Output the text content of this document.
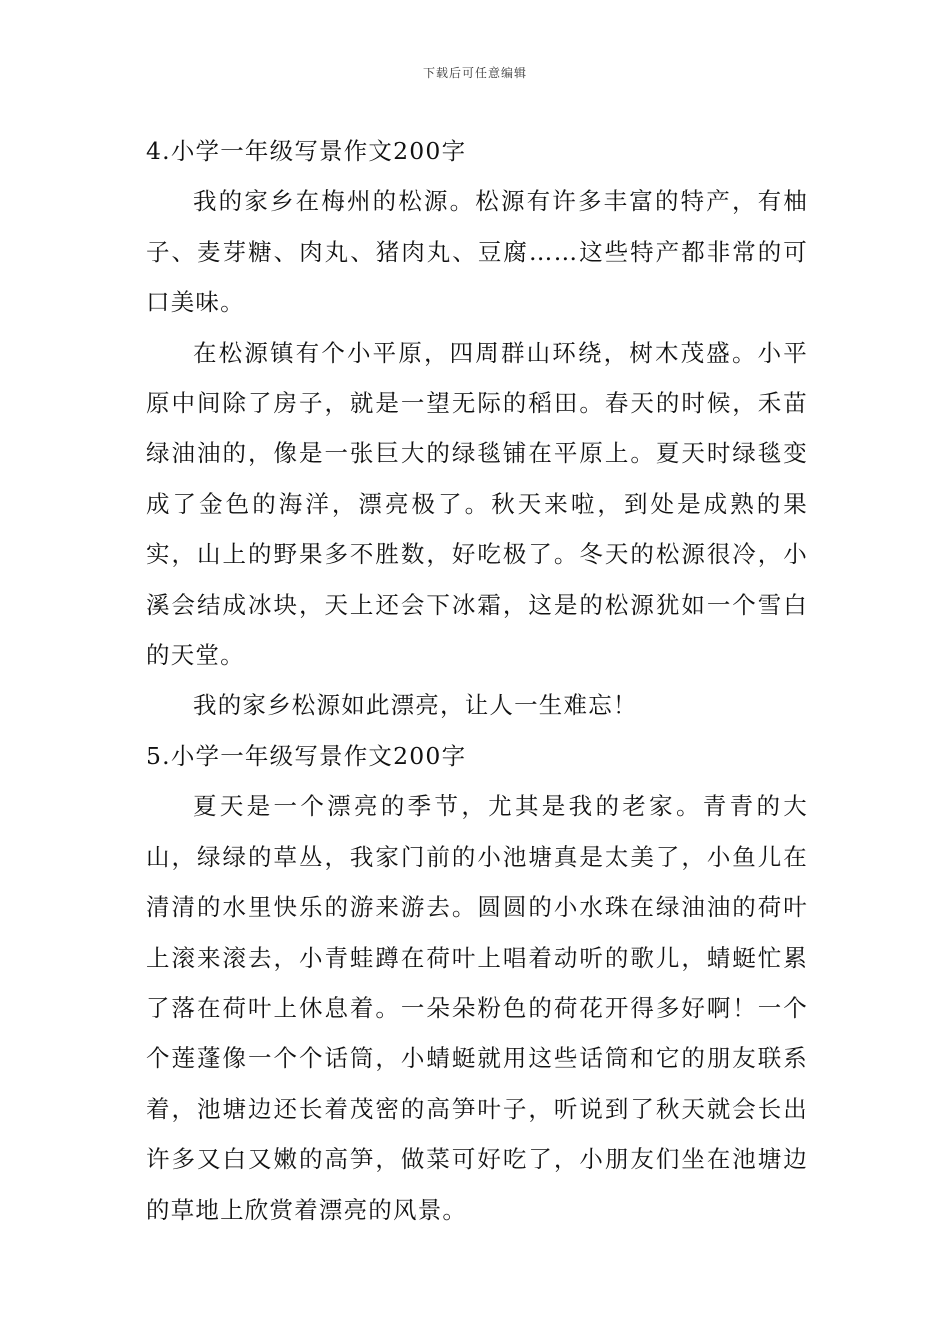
下载后可任意编辑
4.小学一年级写景作文200字

我的家乡在梅州的松源。松源有许多丰富的特产，有柚子、麦芽糖、肉丸、猪肉丸、豆腐……这些特产都非常的可口美味。

在松源镇有个小平原，四周群山环绕，树木茂盛。小平原中间除了房子，就是一望无际的稻田。春天的时候，禾苗绿油油的，像是一张巨大的绿毯铺在平原上。夏天时绿毯变成了金色的海洋，漂亮极了。秋天来啦，到处是成熟的果实，山上的野果多不胜数，好吃极了。冬天的松源很冷，小溪会结成冰块，天上还会下冰霜，这是的松源犹如一个雪白的天堂。

我的家乡松源如此漂亮，让人一生难忘！

5.小学一年级写景作文200字

夏天是一个漂亮的季节，尤其是我的老家。青青的大山，绿绿的草丛，我家门前的小池塘真是太美了，小鱼儿在清清的水里快乐的游来游去。圆圆的小水珠在绿油油的荷叶上滚来滚去，小青蛙蹲在荷叶上唱着动听的歌儿，蜻蜓忙累了落在荷叶上休息着。一朵朵粉色的荷花开得多好啊！一个个莲蓬像一个个话筒，小蜻蜓就用这些话筒和它的朋友联系着，池塘边还长着茂密的高笋叶子，听说到了秋天就会长出许多又白又嫩的高笋，做菜可好吃了，小朋友们坐在池塘边的草地上欣赏着漂亮的风景。
